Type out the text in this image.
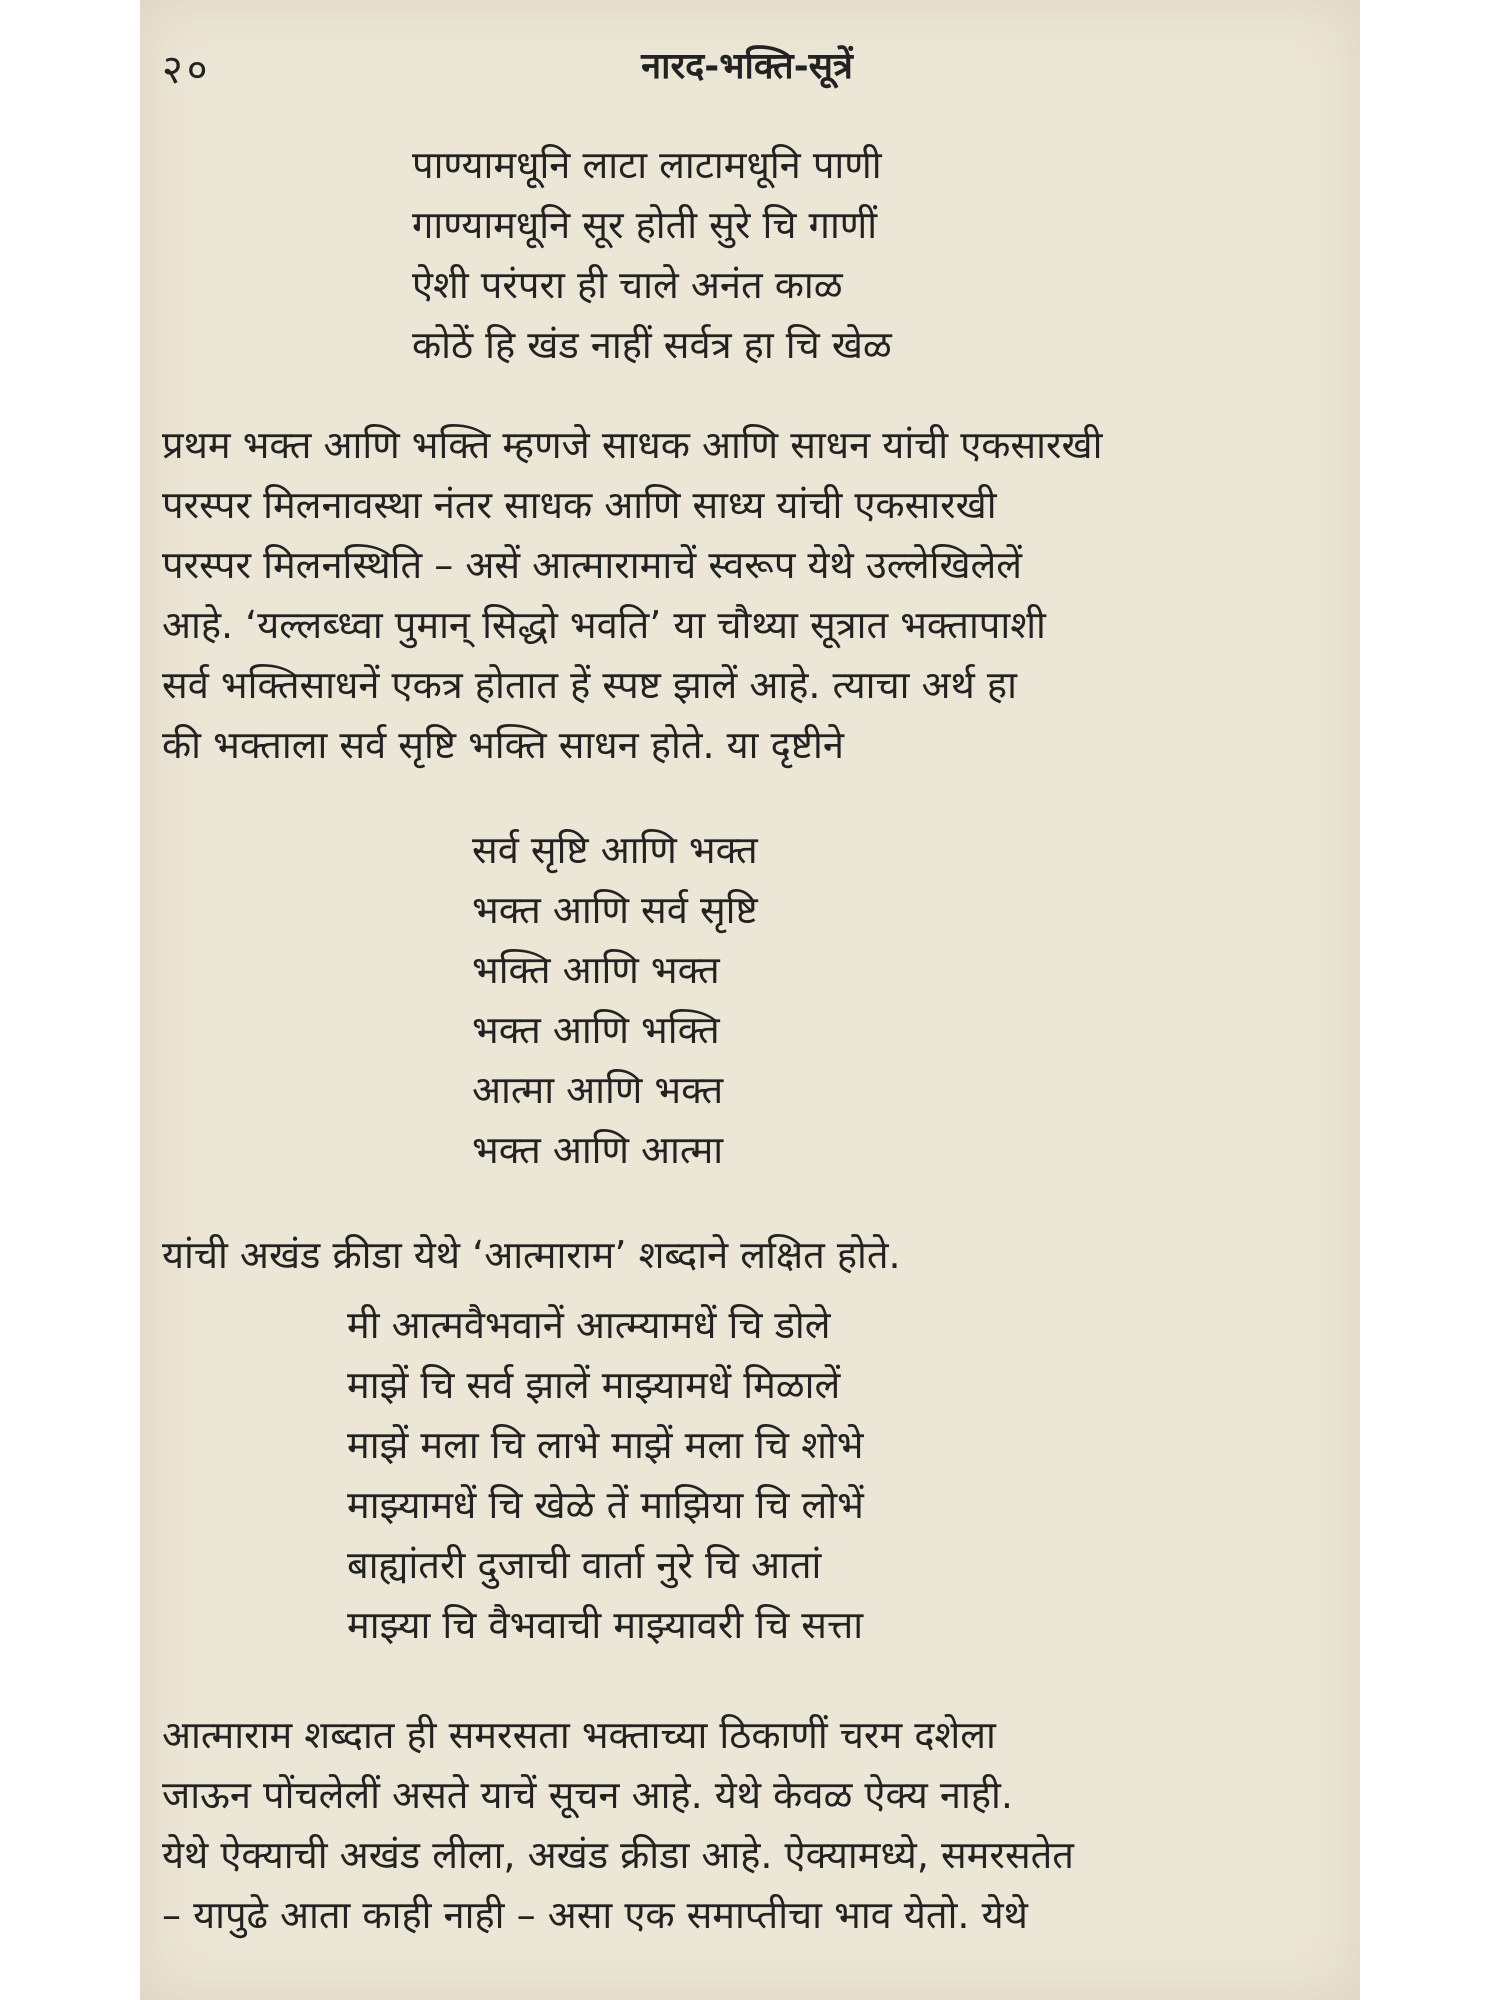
२०	नारद-भक्ति-सूत्रें
पाण्यामधूनि लाटा लाटामधूनि पाणी
गाण्यामधूनि सूर होती सुरे चि गाणीं
ऐशी परंपरा ही चाले अनंत काळ
कोठें हि खंड नाहीं सर्वत्र हा चि खेळ
प्रथम भक्त आणि भक्ति म्हणजे साधक आणि साधन यांची एकसारखी
परस्पर मिलनावस्था नंतर साधक आणि साध्य यांची एकसारखी
परस्पर मिलनस्थिति – असें आत्मारामाचें स्वरूप येथे उल्लेखिलेलें
आहे. ‘यल्लब्ध्वा पुमान् सिद्धो भवति’ या चौथ्या सूत्रात भक्तापाशी
सर्व भक्तिसाधनें एकत्र होतात हें स्पष्ट झालें आहे. त्याचा अर्थ हा
की भक्ताला सर्व सृष्टि भक्ति साधन होते. या दृष्टीने
सर्व सृष्टि आणि भक्त
भक्त आणि सर्व सृष्टि
भक्ति आणि भक्त
भक्त आणि भक्ति
आत्मा आणि भक्त
भक्त आणि आत्मा
यांची अखंड क्रीडा येथे ‘आत्माराम’ शब्दाने लक्षित होते.
मी आत्मवैभवानें आत्म्यामधें चि डोले
माझें चि सर्व झालें माझ्यामधें मिळालें
माझें मला चि लाभे माझें मला चि शोभे
माझ्यामधें चि खेळे तें माझिया चि लोभें
बाह्यांतरी दुजाची वार्ता नुरे चि आतां
माझ्या चि वैभवाची माझ्यावरी चि सत्ता
आत्माराम शब्दात ही समरसता भक्ताच्या ठिकाणीं चरम दशेला
जाऊन पोंचलेलीं असते याचें सूचन आहे. येथे केवळ ऐक्य नाही.
येथे ऐक्याची अखंड लीला, अखंड क्रीडा आहे. ऐक्यामध्ये, समरसतेत
– यापुढे आता काही नाही – असा एक समाप्तीचा भाव येतो. येथे
